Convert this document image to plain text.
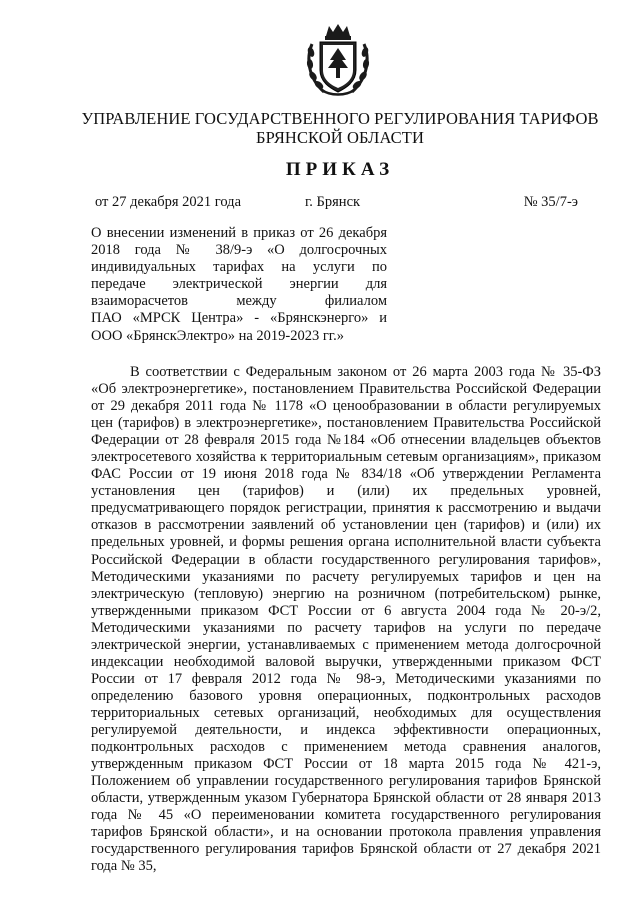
УПРАВЛЕНИЕ ГОСУДАРСТВЕННОГО РЕГУЛИРОВАНИЯ ТАРИФОВ
БРЯНСКОЙ ОБЛАСТИ
ПРИКАЗ
от 27 декабря 2021 года	г. Брянск	№ 35/7-э
О внесении изменений в приказ от 26 декабря
2018 года № 38/9-э «О долгосрочных
индивидуальных тарифах на услуги по
передаче электрической энергии для
взаиморасчетов между филиалом
ПАО «МРСК Центра» - «Брянскэнерго» и
ООО «БрянскЭлектро» на 2019-2023 гг.»
В соответствии с Федеральным законом от 26 марта 2003 года № 35-ФЗ
«Об электроэнергетике», постановлением Правительства Российской Федерации
от 29 декабря 2011 года № 1178 «О ценообразовании в области регулируемых
цен (тарифов) в электроэнергетике», постановлением Правительства Российской
Федерации от 28 февраля 2015 года №184 «Об отнесении владельцев объектов
электросетевого хозяйства к территориальным сетевым организациям», приказом
ФАС России от 19 июня 2018 года № 834/18 «Об утверждении Регламента
установления цен (тарифов) и (или) их предельных уровней,
предусматривающего порядок регистрации, принятия к рассмотрению и выдачи
отказов в рассмотрении заявлений об установлении цен (тарифов) и (или) их
предельных уровней, и формы решения органа исполнительной власти субъекта
Российской Федерации в области государственного регулирования тарифов»,
Методическими указаниями по расчету регулируемых тарифов и цен на
электрическую (тепловую) энергию на розничном (потребительском) рынке,
утвержденными приказом ФСТ России от 6 августа 2004 года № 20-э/2,
Методическими указаниями по расчету тарифов на услуги по передаче
электрической энергии, устанавливаемых с применением метода долгосрочной
индексации необходимой валовой выручки, утвержденными приказом ФСТ
России от 17 февраля 2012 года № 98-э, Методическими указаниями по
определению базового уровня операционных, подконтрольных расходов
территориальных сетевых организаций, необходимых для осуществления
регулируемой деятельности, и индекса эффективности операционных,
подконтрольных расходов с применением метода сравнения аналогов,
утвержденным приказом ФСТ России от 18 марта 2015 года № 421-э,
Положением об управлении государственного регулирования тарифов Брянской
области, утвержденным указом Губернатора Брянской области от 28 января 2013
года № 45 «О переименовании комитета государственного регулирования
тарифов Брянской области», и на основании протокола правления управления
государственного регулирования тарифов Брянской области от 27 декабря 2021
года № 35,
